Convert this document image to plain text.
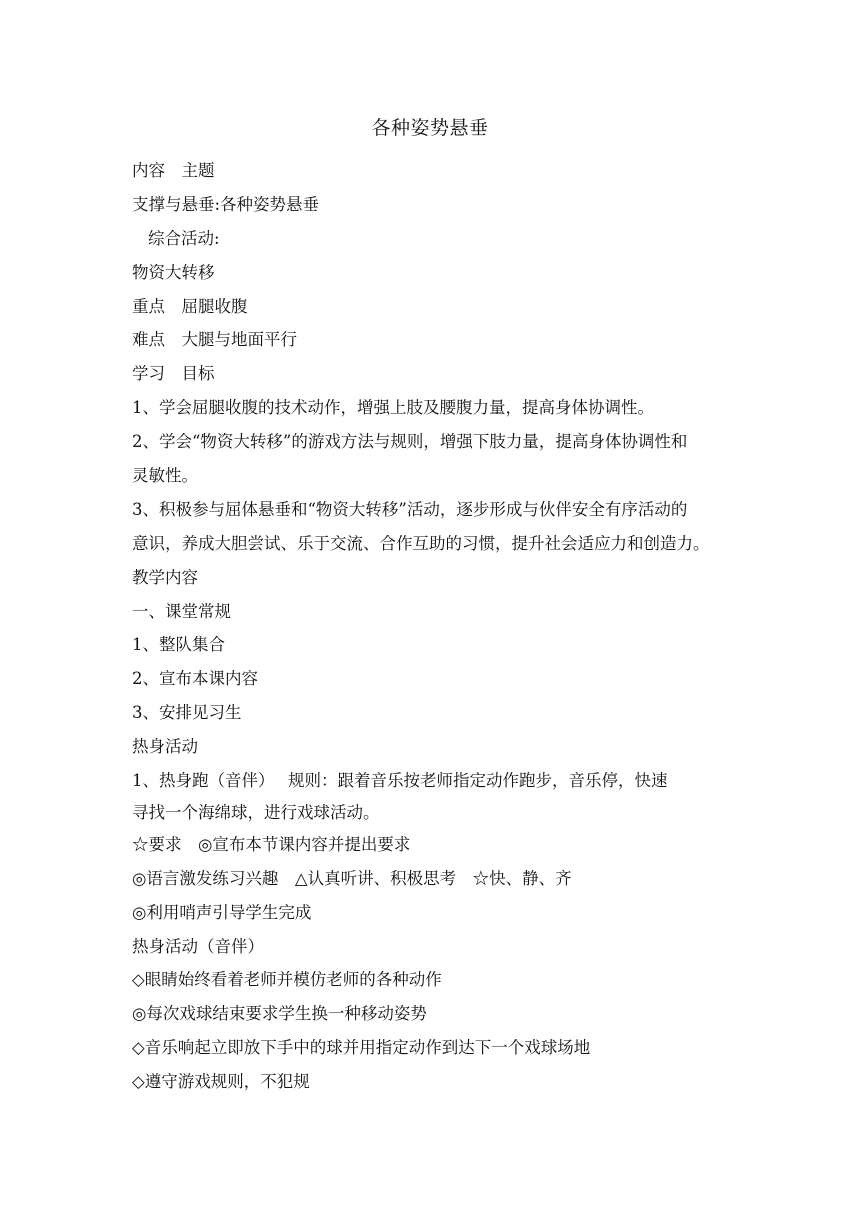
各种姿势悬垂
内容　主题
支撑与悬垂:各种姿势悬垂
综合活动:
物资大转移
重点　屈腿收腹
难点　大腿与地面平行
学习　目标
1、学会屈腿收腹的技术动作，增强上肢及腰腹力量，提高身体协调性。
2、学会“物资大转移”的游戏方法与规则，增强下肢力量，提高身体协调性和
灵敏性。
3、积极参与屈体悬垂和“物资大转移”活动，逐步形成与伙伴安全有序活动的
意识，养成大胆尝试、乐于交流、合作互助的习惯，提升社会适应力和创造力。
教学内容
一、课堂常规
1、整队集合
2、宣布本课内容
3、安排见习生
热身活动
1、热身跑（音伴）　 规则：跟着音乐按老师指定动作跑步，音乐停，快速
寻找一个海绵球，进行戏球活动。
☆要求　◎宣布本节课内容并提出要求
◎语言激发练习兴趣　△认真听讲、积极思考　☆快、静、齐
◎利用哨声引导学生完成
热身活动（音伴）
◇眼睛始终看着老师并模仿老师的各种动作
◎每次戏球结束要求学生换一种移动姿势
◇音乐响起立即放下手中的球并用指定动作到达下一个戏球场地
◇遵守游戏规则，不犯规
